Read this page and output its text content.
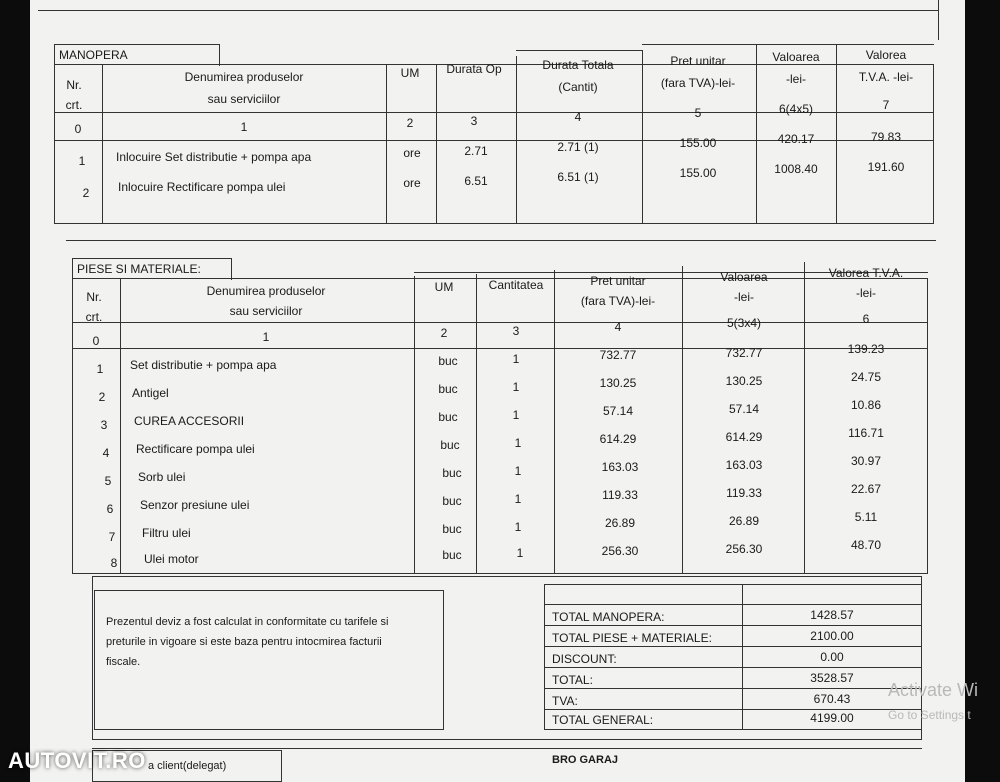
MANOPERA
Nr.
crt.
Denumirea produselor
sau serviciilor
UM Durata Op	Durata Totala
(Cantit)
Pret unitar
(fara TVA)-lei-
Valoarea
-lei-
Valorea
T.V.A. -lei-
0	1	2	3	4	5	6(4x5)	7
1	Inlocuire Set distributie + pompa apa	ore	2.71	2.71 (1)	155.00	420.17	79.83
2 Inlocuire Rectificare pompa ulei	ore	6.51	6.51 (1)	155.00	1008.40	191.60
PIESE SI MATERIALE:
Nr.
crt.
Denumirea produselor
sau serviciilor
UM	Cantitatea	Pret unitar
(fara TVA)-lei-
Valoarea
-lei-
Valorea T.V.A.
-lei-
0	1	2	3	4	5(3x4)	6
1 Set distributie + pompa apa	buc	1	732.77	732.77	139.23
2 Antigel	buc	1	130.25	130.25	24.75
3 CUREA ACCESORII	buc	1	57.14	57.14	10.86
4 Rectificare pompa ulei	buc	1	614.29	614.29	116.71
5 Sorb ulei	buc	1	163.03	163.03	30.97
6 Senzor presiune ulei	buc	1	119.33	119.33	22.67
7 Filtru ulei	buc	1	26.89	26.89	5.11
8 Ulei motor	buc	1	256.30	256.30	48.70
Prezentul deviz a fost calculat in conformitate cu tarifele si
preturile in vigoare si este baza pentru intocmirea facturii
fiscale.
TOTAL MANOPERA:	1428.57
TOTAL PIESE + MATERIALE:	2100.00
DISCOUNT:	0.00
TOTAL:	3528.57
TVA:	670.43
TOTAL GENERAL:	4199.00
a client(delegat)	BRO GARAJ
Activate Wi
Go to Settings t
AUTOVIT.RO
